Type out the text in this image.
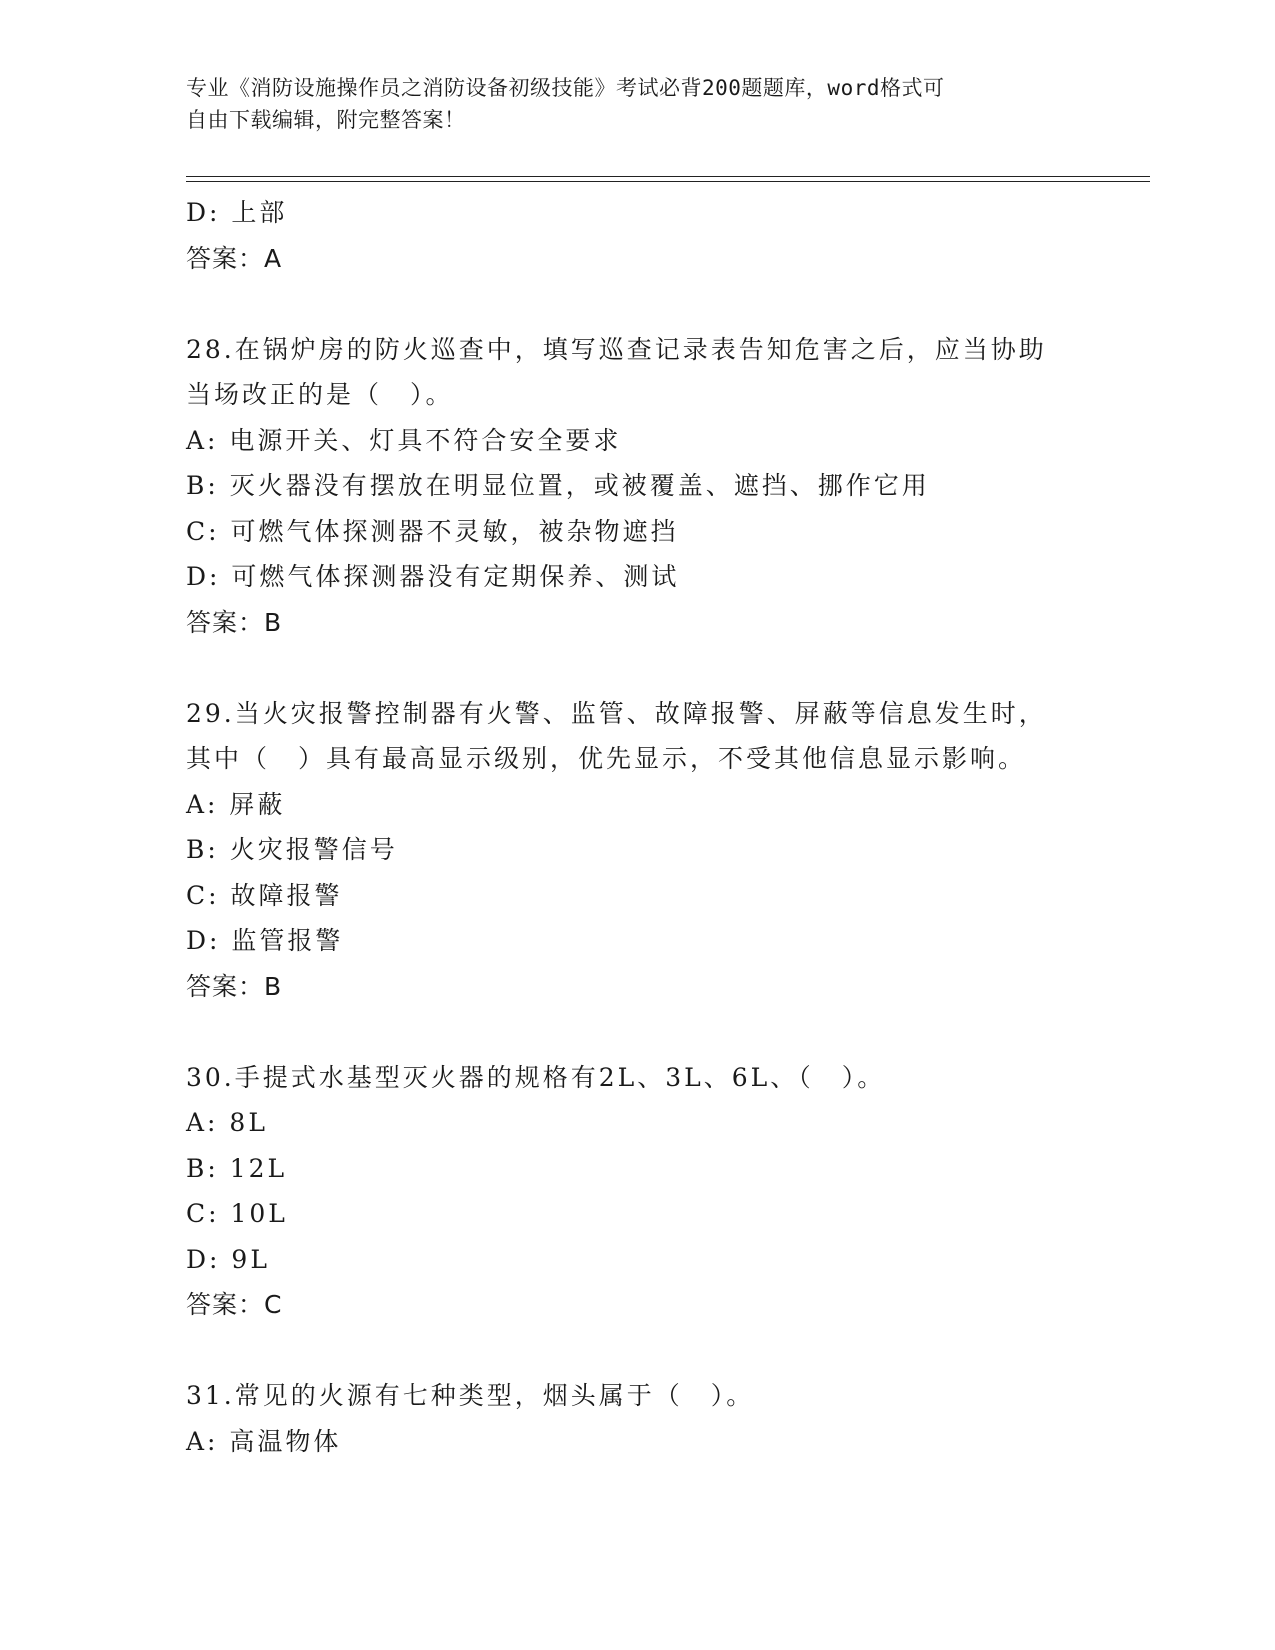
专业《消防设施操作员之消防设备初级技能》考试必背200题题库，word格式可
自由下载编辑，附完整答案！
D: 上部
答案：A
28.在锅炉房的防火巡查中，填写巡查记录表告知危害之后，应当协助
当场改正的是（　）。
A: 电源开关、灯具不符合安全要求
B: 灭火器没有摆放在明显位置，或被覆盖、遮挡、挪作它用
C: 可燃气体探测器不灵敏，被杂物遮挡
D: 可燃气体探测器没有定期保养、测试
答案：B
29.当火灾报警控制器有火警、监管、故障报警、屏蔽等信息发生时，
其中（　）具有最高显示级别，优先显示，不受其他信息显示影响。
A: 屏蔽
B: 火灾报警信号
C: 故障报警
D: 监管报警
答案：B
30.手提式水基型灭火器的规格有2L、3L、6L、（　）。
A: 8L
B: 12L
C: 10L
D: 9L
答案：C
31.常见的火源有七种类型，烟头属于（　）。
A: 高温物体
